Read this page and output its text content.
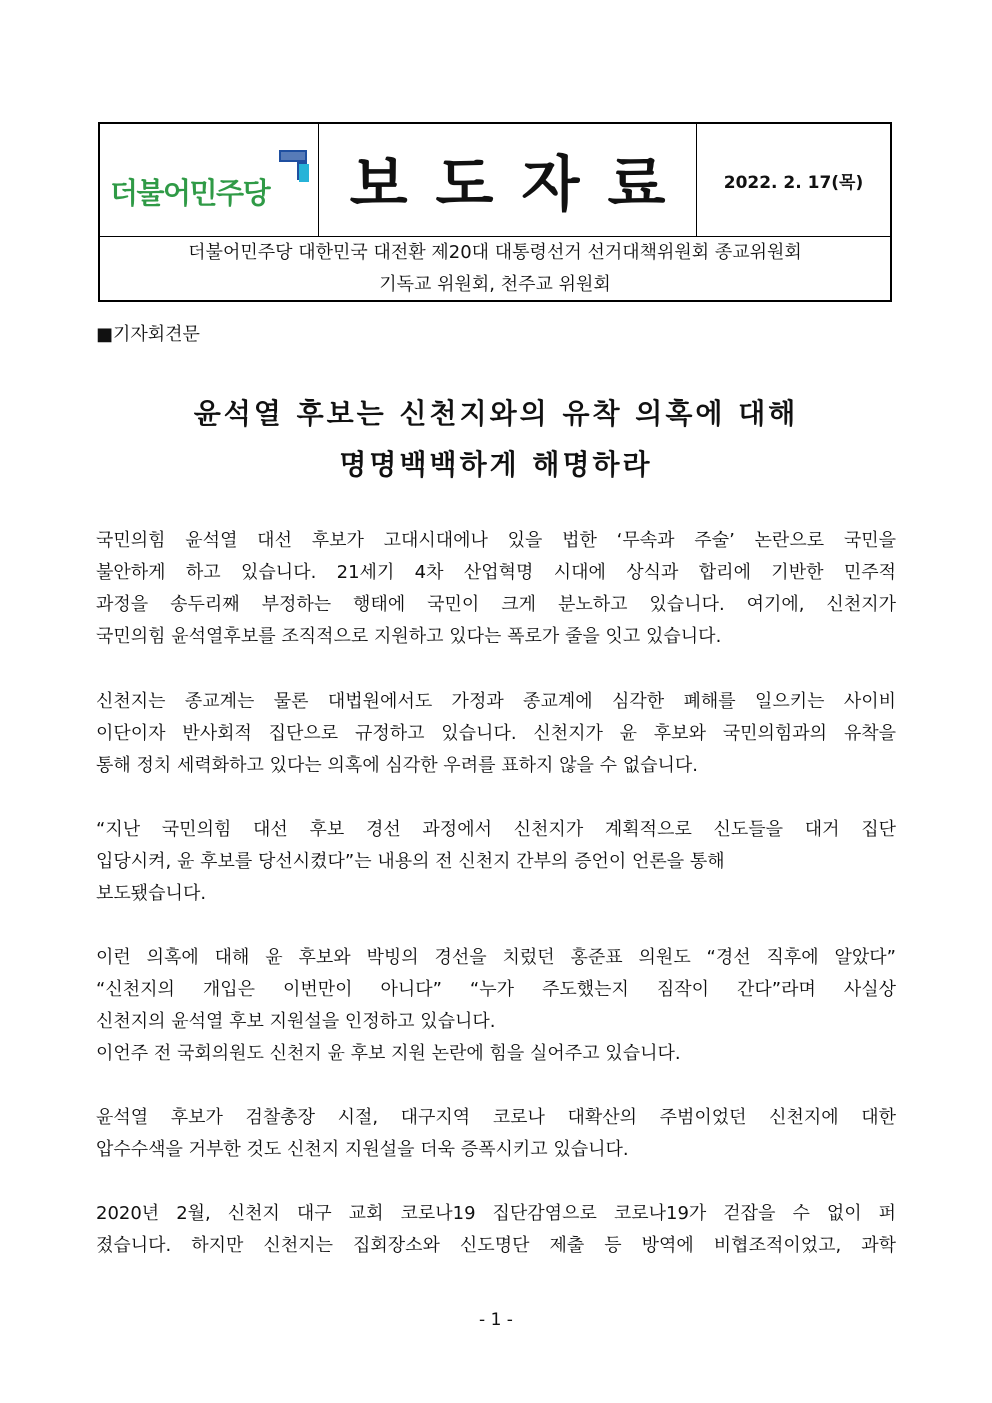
더불어민주당 보도자료 2022. 2. 17(목)
더불어민주당 대한민국 대전환 제20대 대통령선거 선거대책위원회 종교위원회
기독교 위원회, 천주교 위원회
■기자회견문
윤석열 후보는 신천지와의 유착 의혹에 대해
명명백백하게 해명하라
국민의힘 윤석열 대선 후보가 고대시대에나 있을 법한 ‘무속과 주술’ 논란으로 국민을
불안하게 하고 있습니다. 21세기 4차 산업혁명 시대에 상식과 합리에 기반한 민주적
과정을 송두리째 부정하는 행태에 국민이 크게 분노하고 있습니다. 여기에, 신천지가
국민의힘 윤석열후보를 조직적으로 지원하고 있다는 폭로가 줄을 잇고 있습니다.
신천지는 종교계는 물론 대법원에서도 가정과 종교계에 심각한 폐해를 일으키는 사이비
이단이자 반사회적 집단으로 규정하고 있습니다. 신천지가 윤 후보와 국민의힘과의 유착을
통해 정치 세력화하고 있다는 의혹에 심각한 우려를 표하지 않을 수 없습니다.
“지난 국민의힘 대선 후보 경선 과정에서 신천지가 계획적으로 신도들을 대거 집단
입당시켜, 윤 후보를 당선시켰다”는 내용의 전 신천지 간부의 증언이 언론을 통해
보도됐습니다.
이런 의혹에 대해 윤 후보와 박빙의 경선을 치렀던 홍준표 의원도 “경선 직후에 알았다”
“신천지의 개입은 이번만이 아니다” “누가 주도했는지 짐작이 간다”라며 사실상
신천지의 윤석열 후보 지원설을 인정하고 있습니다.
이언주 전 국회의원도 신천지 윤 후보 지원 논란에 힘을 실어주고 있습니다.
윤석열 후보가 검찰총장 시절, 대구지역 코로나 대확산의 주범이었던 신천지에 대한
압수수색을 거부한 것도 신천지 지원설을 더욱 증폭시키고 있습니다.
2020년 2월, 신천지 대구 교회 코로나19 집단감염으로 코로나19가 걷잡을 수 없이 퍼
졌습니다. 하지만 신천지는 집회장소와 신도명단 제출 등 방역에 비협조적이었고, 과학
- 1 -
